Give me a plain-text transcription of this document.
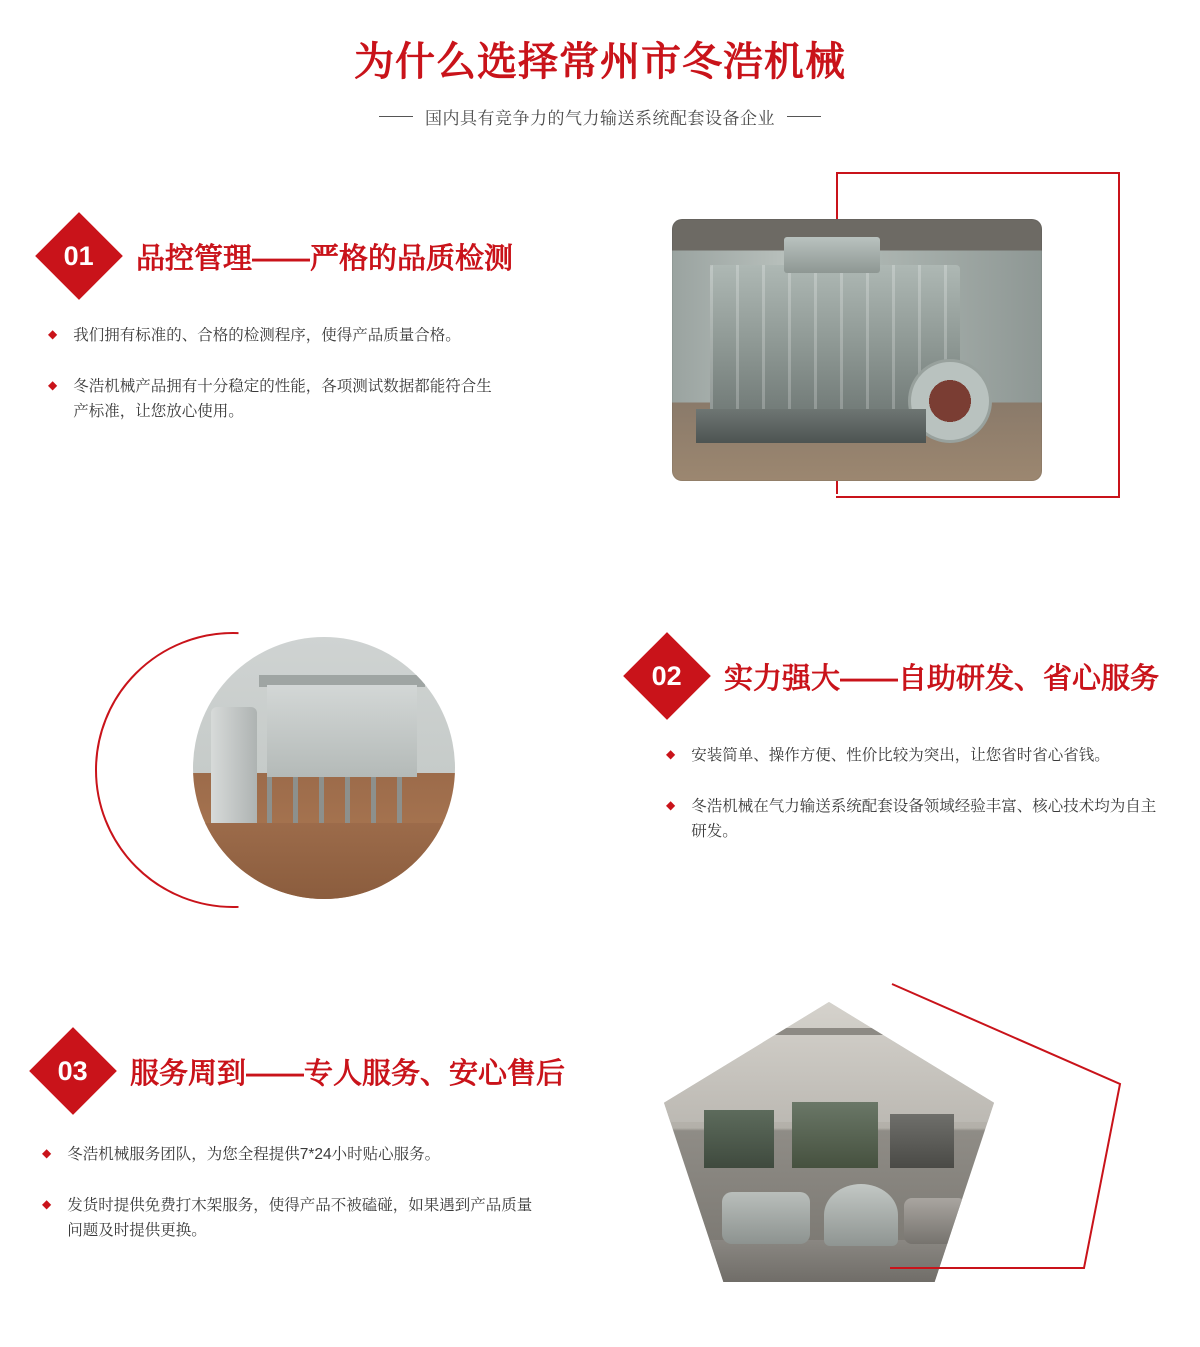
为什么选择常州市冬浩机械
国内具有竞争力的气力输送系统配套设备企业
01 品控管理——严格的品质检测
◆ 我们拥有标准的、合格的检测程序，使得产品质量合格。
◆ 冬浩机械产品拥有十分稳定的性能，各项测试数据都能符合生产标准，让您放心使用。
02 实力强大——自助研发、省心服务
◆ 安装简单、操作方便、性价比较为突出，让您省时省心省钱。
◆ 冬浩机械在气力输送系统配套设备领域经验丰富、核心技术均为自主研发。
03 服务周到——专人服务、安心售后
◆ 冬浩机械服务团队，为您全程提供7*24小时贴心服务。
◆ 发货时提供免费打木架服务，使得产品不被磕碰，如果遇到产品质量问题及时提供更换。
